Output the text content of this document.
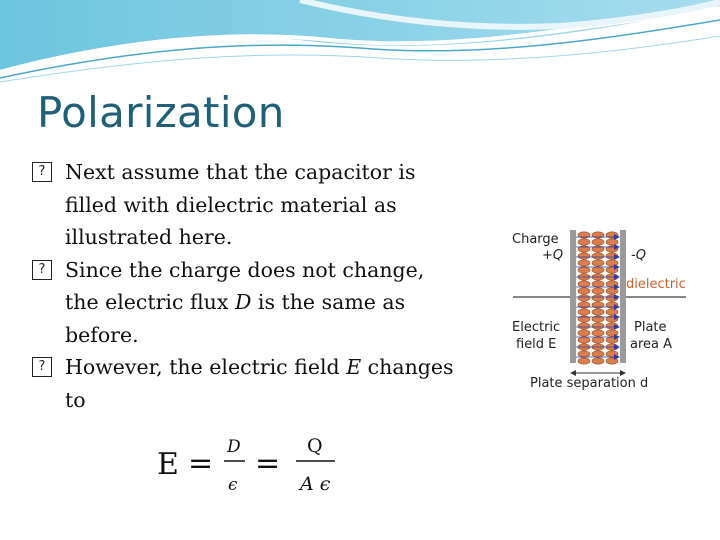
Polarization
? Next assume that the capacitor is filled with dielectric material as illustrated here.
? Since the charge does not change, the electric flux D is the same as before.
? However, the electric field E changes to
E = D
ϵ
= Q
A ϵ
Charge
+Q	-Q
dielectric
Electric
field E
Plate
area A
Plate separation d
